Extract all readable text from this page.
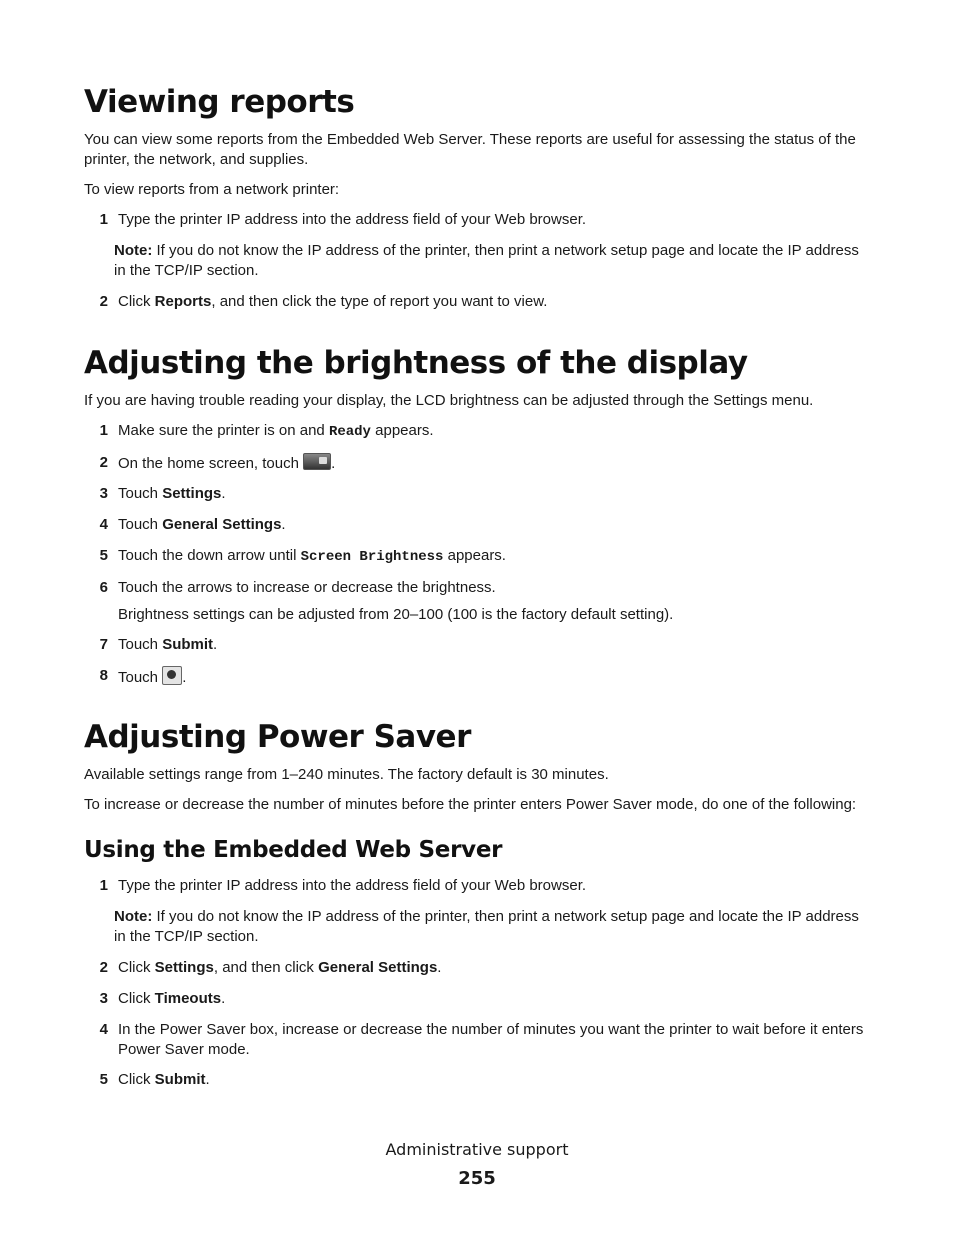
Viewing reports

You can view some reports from the Embedded Web Server. These reports are useful for assessing the status of the printer, the network, and supplies.

To view reports from a network printer:

1 Type the printer IP address into the address field of your Web browser.
Note: If you do not know the IP address of the printer, then print a network setup page and locate the IP address in the TCP/IP section.
2 Click Reports, and then click the type of report you want to view.
Adjusting the brightness of the display

If you are having trouble reading your display, the LCD brightness can be adjusted through the Settings menu.

1 Make sure the printer is on and Ready appears.
2 On the home screen, touch .
3 Touch Settings.
4 Touch General Settings.
5 Touch the down arrow until Screen Brightness appears.
6 Touch the arrows to increase or decrease the brightness.
Brightness settings can be adjusted from 20–100 (100 is the factory default setting).
7 Touch Submit.
8 Touch .
Adjusting Power Saver

Available settings range from 1–240 minutes. The factory default is 30 minutes.

To increase or decrease the number of minutes before the printer enters Power Saver mode, do one of the following:

Using the Embedded Web Server
1 Type the printer IP address into the address field of your Web browser.
Note: If you do not know the IP address of the printer, then print a network setup page and locate the IP address in the TCP/IP section.
2 Click Settings, and then click General Settings.
3 Click Timeouts.
4 In the Power Saver box, increase or decrease the number of minutes you want the printer to wait before it enters Power Saver mode.
5 Click Submit.
Administrative support
255
